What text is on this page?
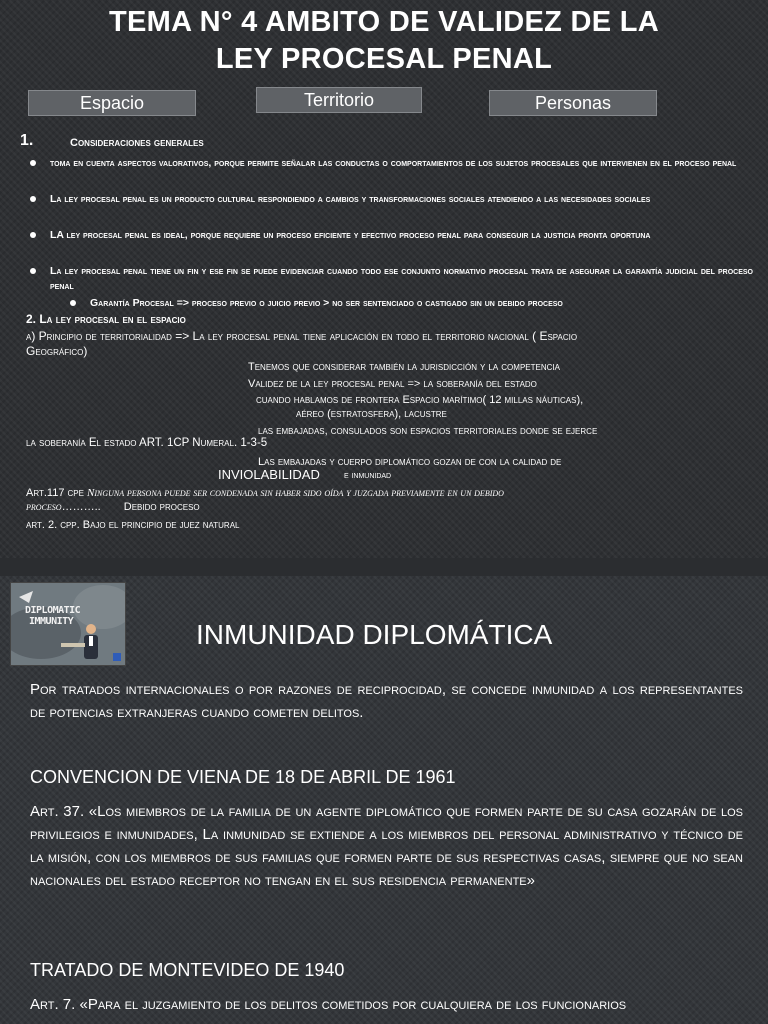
TEMA N° 4 AMBITO DE VALIDEZ DE LA
LEY PROCESAL PENAL
Espacio	Territorio	Personas
1.	Consideraciones generales
toma en cuenta aspectos valorativos, porque permite señalar las conductas o comportamientos de los sujetos procesales que intervienen en el proceso penal
La ley procesal penal es un producto cultural respondiendo a cambios y transformaciones sociales atendiendo a las necesidades sociales
LA ley procesal penal es ideal, porque requiere un proceso eficiente y efectivo proceso penal para conseguir la justicia pronta oportuna
La ley procesal penal tiene un fin y ese fin se puede evidenciar cuando todo ese conjunto normativo procesal trata de asegurar la garantía judicial del proceso penal
Garantía Procesal => proceso previo o juicio previo > no ser sentenciado o castigado sin un debido proceso
2. La ley procesal en el espacio
a) Principio de territorialidad => La ley procesal penal tiene aplicación en todo el territorio nacional ( Espacio
Geográfico)
Tenemos que considerar también la jurisdicción y la competencia
Validez de la ley procesal penal => la soberanía del estado
cuando hablamos de frontera Espacio marítimo( 12 millas náuticas),
aéreo (estratosfera), lacustre
las embajadas, consulados son espacios territoriales donde se ejerce
la soberanía El estado ART. 1CP Numeral. 1-3-5
Las embajadas y cuerpo diplomático gozan de con la calidad de
INVIOLABILIDAD e inmunidad
Art.117 cpe Ninguna persona puede ser condenada sin haber sido oída y juzgada previamente en un debido
proceso……….. Debido proceso
art. 2. cpp. Bajo el principio de juez natural
DIPLOMATIC
IMMUNITY	INMUNIDAD DIPLOMÁTICA
Por tratados internacionales o por razones de reciprocidad, se concede inmunidad a los representantes de potencias extranjeras cuando cometen delitos.
CONVENCION DE VIENA DE 18 DE ABRIL DE 1961
Art. 37. «Los miembros de la familia de un agente diplomático que formen parte de su casa gozarán de los privilegios e inmunidades, La inmunidad se extiende a los miembros del personal administrativo y técnico de la misión, con los miembros de sus familias que formen parte de sus respectivas casas, siempre que no sean nacionales del estado receptor no tengan en el sus residencia permanente»
TRATADO DE MONTEVIDEO DE 1940
Art. 7. «Para el juzgamiento de los delitos cometidos por cualquiera de los funcionarios
